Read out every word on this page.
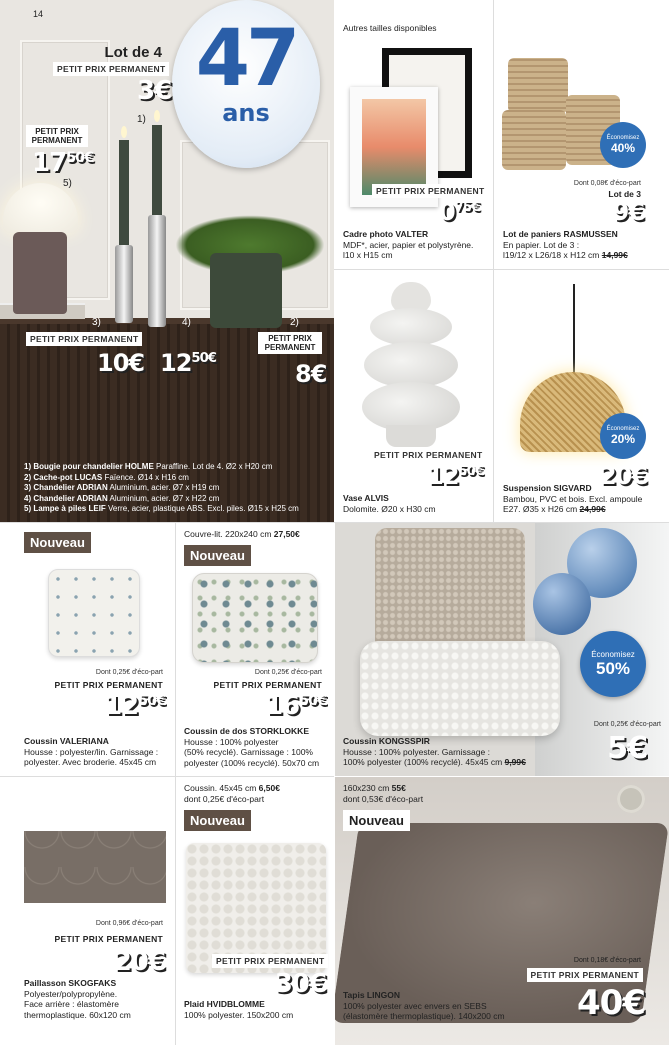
14	47
ans
Lot de 4
PETIT PRIX PERMANENT
3€
1)
PETIT PRIX PERMANENT
$17^{50€}$
5)
3)	4)	2)
PETIT PRIX PERMANENT	PETIT PRIX PERMANENT
10€ $12^{50€}$
8€
1) Bougie pour chandelier HOLME Paraffine. Lot de 4. Ø2 x H20 cm
2) Cache-pot LUCAS Faïence. Ø14 x H16 cm
3) Chandelier ADRIAN Aluminium, acier. Ø7 x H19 cm
4) Chandelier ADRIAN Aluminium, acier. Ø7 x H22 cm
5) Lampe à piles LEIF Verre, acier, plastique ABS. Excl. piles. Ø15 x H25 cm
Autres tailles disponibles
PETIT PRIX PERMANENT
$0^{75€}$
Cadre photo VALTER
MDF*, acier, papier et polystyrène.
l10 x H15 cm
Économisez
40%
Dont 0,08€ d'éco-part
Lot de 3
9€
Lot de paniers RASMUSSEN
En papier. Lot de 3 :
l19/12 x L26/18 x H12 cm 14,99€
PETIT PRIX PERMANENT
$12^{50€}$
Vase ALVIS
Dolomite. Ø20 x H30 cm
Économisez
20%
20€
Suspension SIGVARD
Bambou, PVC et bois. Excl. ampoule
E27. Ø35 x H26 cm 24,99€
Nouveau
Dont 0,25€ d'éco-part
PETIT PRIX PERMANENT
$12^{50€}$
Coussin VALERIANA
Housse : polyester/lin. Garnissage :
polyester. Avec broderie. 45x45 cm
Couvre-lit. 220x240 cm 27,50€
Nouveau
Dont 0,25€ d'éco-part
PETIT PRIX PERMANENT
$16^{50€}$
Coussin de dos STORKLOKKE
Housse : 100% polyester
(50% recyclé). Garnissage : 100%
polyester (100% recyclé). 50x70 cm
Économisez
50%
Dont 0,25€ d'éco-part
5€
Coussin KONGSSPIR
Housse : 100% polyester. Garnissage :
100% polyester (100% recyclé). 45x45 cm 9,99€
Dont 0,96€ d'éco-part
PETIT PRIX PERMANENT
20€
Paillasson SKOGFAKS
Polyester/polypropylène.
Face arrière : élastomère
thermoplastique. 60x120 cm
Coussin. 45x45 cm 6,50€
dont 0,25€ d'éco-part
Nouveau
PETIT PRIX PERMANENT
30€
Plaid HVIDBLOMME
100% polyester. 150x200 cm
160x230 cm 55€
dont 0,53€ d'éco-part
Nouveau
Dont 0,18€ d'éco-part
PETIT PRIX PERMANENT
40€
Tapis LINGON
100% polyester avec envers en SEBS
(élastomère thermoplastique). 140x200 cm
